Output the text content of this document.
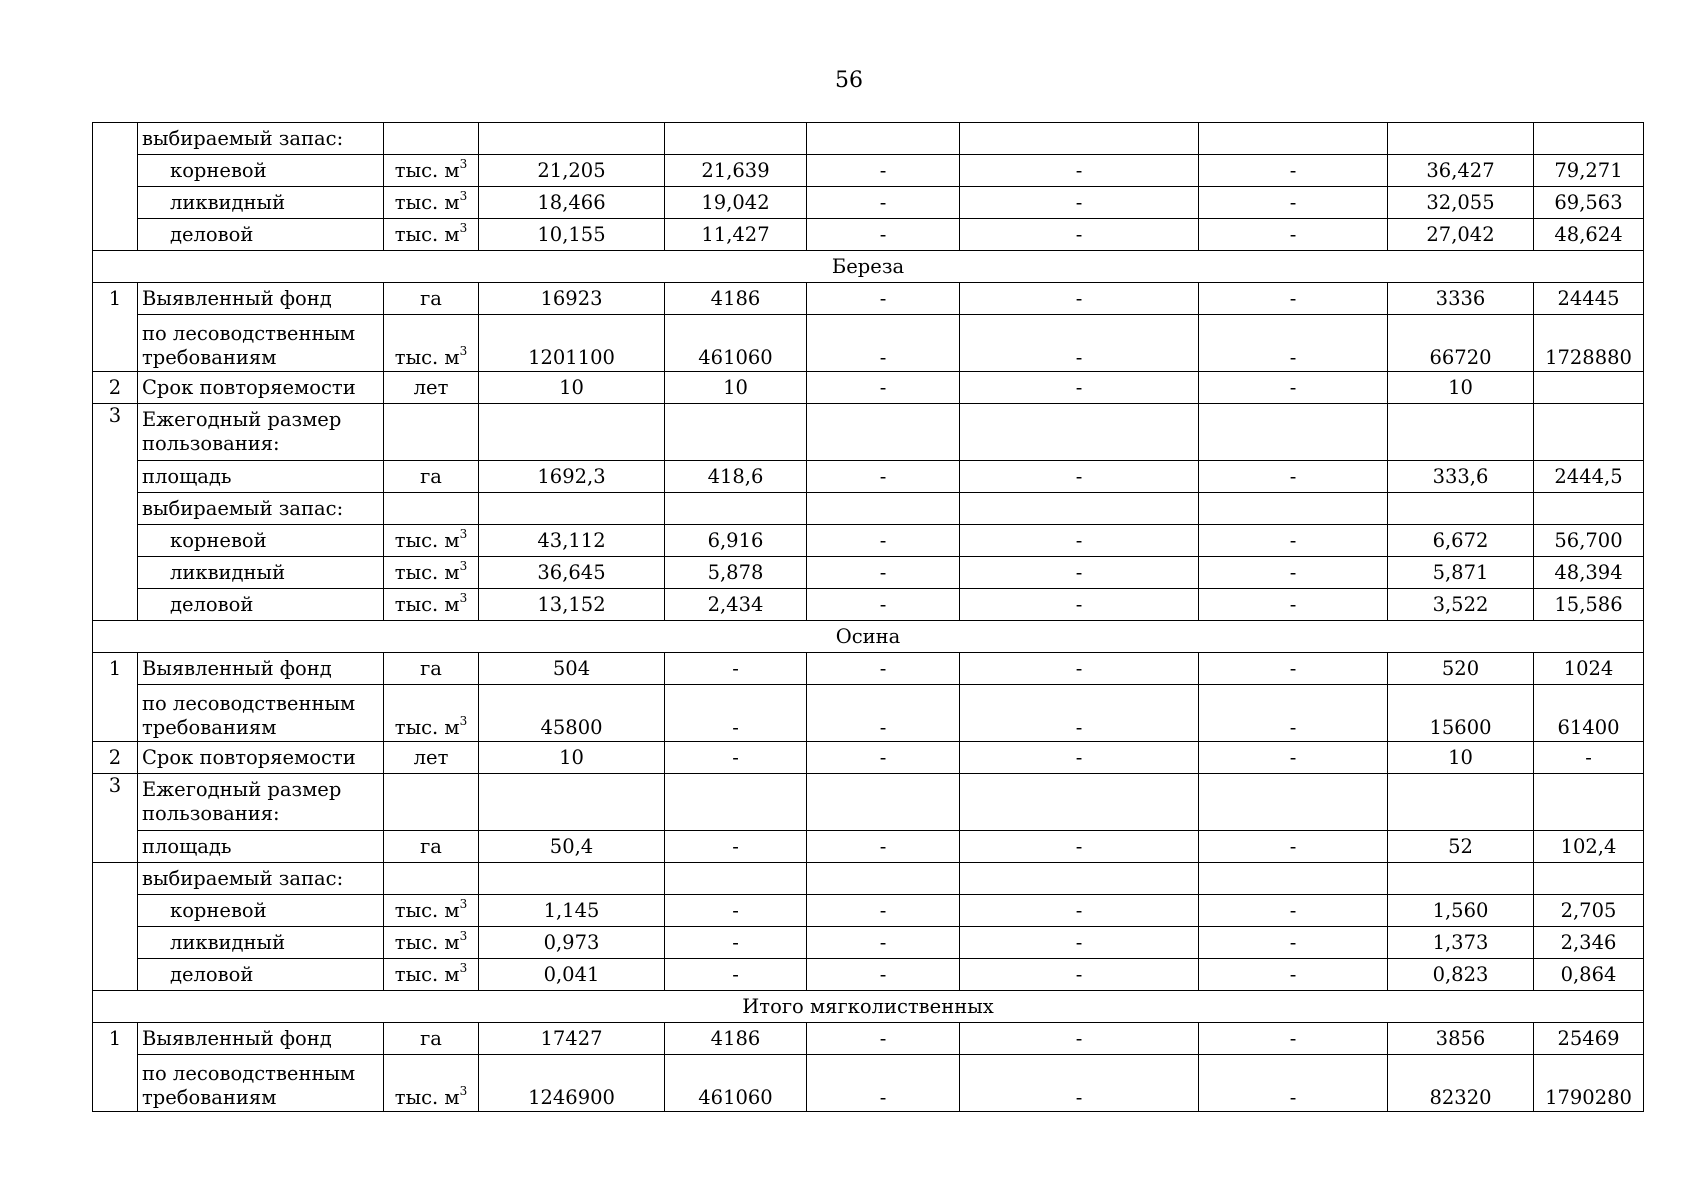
56
	выбираемый запас:								
	корневой	тыс. $м^3$	21,205	21,639	-	-	-	36,427	79,271
	ликвидный	тыс. $м^3$	18,466	19,042	-	-	-	32,055	69,563
	деловой	тыс. $м^3$	10,155	11,427	-	-	-	27,042	48,624
Береза									
1	Выявленный фонд	га	16923	4186	-	-	-	3336	24445
	по лесоводственным требованиям	тыс. $м^3$	1201100	461060	-	-	-	66720	1728880
2	Срок повторяемости	лет	10	10	-	-	-	10	
3	Ежегодный размер пользования:								
	площадь	га	1692,3	418,6	-	-	-	333,6	2444,5
	выбираемый запас:								
	корневой	тыс. $м^3$	43,112	6,916	-	-	-	6,672	56,700
	ликвидный	тыс. $м^3$	36,645	5,878	-	-	-	5,871	48,394
	деловой	тыс. $м^3$	13,152	2,434	-	-	-	3,522	15,586
Осина									
1	Выявленный фонд	га	504	-	-	-	-	520	1024
	по лесоводственным требованиям	тыс. $м^3$	45800	-	-	-	-	15600	61400
2	Срок повторяемости	лет	10	-	-	-	-	10	-
3	Ежегодный размер пользования:								
	площадь	га	50,4	-	-	-	-	52	102,4
	выбираемый запас:								
	корневой	тыс. $м^3$	1,145	-	-	-	-	1,560	2,705
	ликвидный	тыс. $м^3$	0,973	-	-	-	-	1,373	2,346
	деловой	тыс. $м^3$	0,041	-	-	-	-	0,823	0,864
Итого мягколиственных									
1	Выявленный фонд	га	17427	4186	-	-	-	3856	25469
	по лесоводственным требованиям	тыс. $м^3$	1246900	461060	-	-	-	82320	1790280
